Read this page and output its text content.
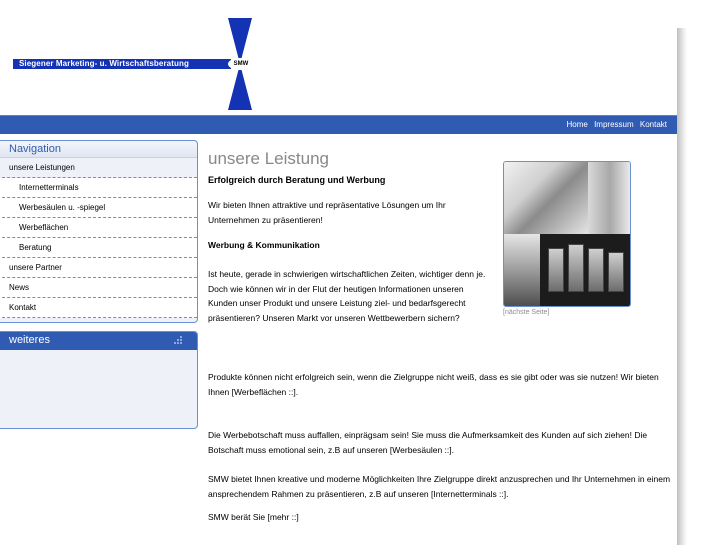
Siegener Marketing- u. Wirtschaftsberatung	SMW
Home Impressum Kontakt
Navigation
unsere Leistungen
Internetterminals
Werbesäulen u. -spiegel
Werbeflächen
Beratung
unsere Partner
News
Kontakt
weiteres
unsere Leistung
Erfolgreich durch Beratung und Werbung
Wir bieten Ihnen attraktive und repräsentative Lösungen um Ihr Unternehmen zu präsentieren!
Werbung & Kommunikation
Ist heute, gerade in schwierigen wirtschaftlichen Zeiten, wichtiger denn je. Doch wie können wir in der Flut der heutigen Informationen unseren Kunden unser Produkt und unsere Leistung ziel- und bedarfsgerecht präsentieren? Unseren Markt vor unseren Wettbewerbern sichern?
Produkte können nicht erfolgreich sein, wenn die Zielgruppe nicht weiß, dass es sie gibt oder was sie nutzen! Wir bieten Ihnen [Werbeflächen ::].
Die Werbebotschaft muss auffallen, einprägsam sein! Sie muss die Aufmerksamkeit des Kunden auf sich ziehen! Die Botschaft muss emotional sein, z.B auf unseren [Werbesäulen ::].
SMW bietet Ihnen kreative und moderne Möglichkeiten Ihre Zielgruppe direkt anzusprechen und Ihr Unternehmen in einem ansprechendem Rahmen zu präsentieren, z.B auf unseren [Internetterminals ::].
SMW berät Sie [mehr ::]
[nächste Seite]
